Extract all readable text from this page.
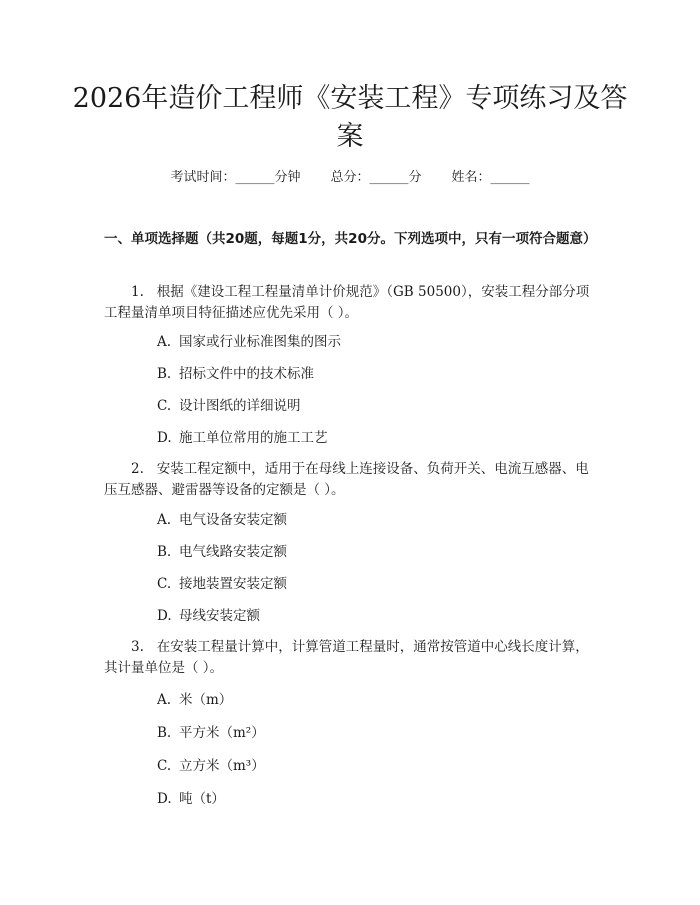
2026年造价工程师《安装工程》专项练习及答案
考试时间：______分钟 总分：______分 姓名：______
一、单项选择题（共20题，每题1分，共20分。下列选项中，只有一项符合题意）

1. 根据《建设工程工程量清单计价规范》（GB 50500），安装工程分部分项工程量清单项目特征描述应优先采用（ ）。

A. 国家或行业标准图集的图示

B. 招标文件中的技术标准

C. 设计图纸的详细说明

D. 施工单位常用的施工工艺

2. 安装工程定额中，适用于在母线上连接设备、负荷开关、电流互感器、电压互感器、避雷器等设备的定额是（ ）。

A. 电气设备安装定额

B. 电气线路安装定额

C. 接地装置安装定额

D. 母线安装定额

3. 在安装工程量计算中，计算管道工程量时，通常按管道中心线长度计算，其计量单位是（ ）。

A. 米（m）

B. 平方米（m²）

C. 立方米（m³）

D. 吨（t）
